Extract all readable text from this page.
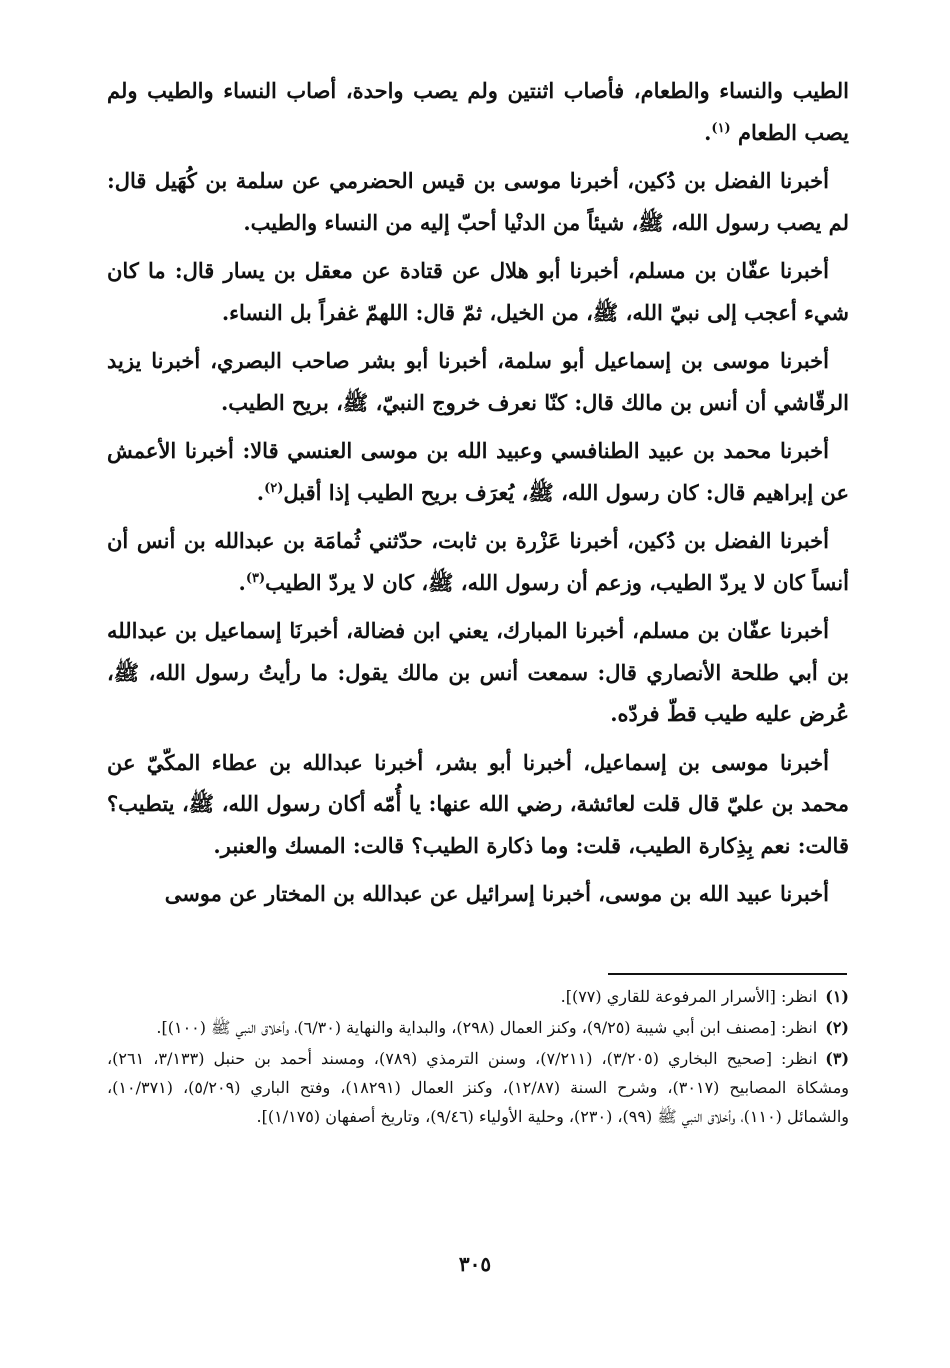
الطيب والنساء والطعام، فأصاب اثنتين ولم يصب واحدة، أصاب النساء والطيب ولم يصب الطعام $^{(١)}$.

أخبرنا الفضل بن دُكين، أخبرنا موسى بن قيس الحضرمي عن سلمة بن كُهَيل قال: لم يصب رسول الله، ﷺ، شيئاً من الدنْيا أحبّ إليه من النساء والطيب.

أخبرنا عفّان بن مسلم، أخبرنا أبو هلال عن قتادة عن معقل بن يسار قال: ما كان شيء أعجب إلى نبيّ الله، ﷺ، من الخيل، ثمّ قال: اللهمّ غفراً بل النساء.

أخبرنا موسى بن إسماعيل أبو سلمة، أخبرنا أبو بشر صاحب البصري، أخبرنا يزيد الرقّاشي أن أنس بن مالك قال: كنّا نعرف خروج النبيّ، ﷺ، بريح الطيب.

أخبرنا محمد بن عبيد الطنافسي وعبيد الله بن موسى العنسي قالا: أخبرنا الأعمش عن إبراهيم قال: كان رسول الله، ﷺ، يُعرَف بريح الطيب إذا أقبل$^{(٢)}$.

أخبرنا الفضل بن دُكين، أخبرنا عَزْرة بن ثابت، حدّثني ثُمامَة بن عبدالله بن أنس أن أنساً كان لا يردّ الطيب، وزعم أن رسول الله، ﷺ، كان لا يردّ الطيب$^{(٣)}$.

أخبرنا عفّان بن مسلم، أخبرنا المبارك، يعني ابن فضالة، أخبرنَا إسماعيل بن عبدالله بن أبي طلحة الأنصاري قال: سمعت أنس بن مالك يقول: ما رأيتُ رسول الله، ﷺ، عُرض عليه طيب قطّ فردّه.

أخبرنا موسى بن إسماعيل، أخبرنا أبو بشر، أخبرنا عبدالله بن عطاء المكّيّ عن محمد بن عليّ قال قلت لعائشة، رضي الله عنها: يا أُمّه أكان رسول الله، ﷺ، يتطيب؟ قالت: نعم بِذِكارة الطيب، قلت: وما ذكارة الطيب؟ قالت: المسك والعنبر.

أخبرنا عبيد الله بن موسى، أخبرنا إسرائيل عن عبدالله بن المختار عن موسى

(١)انظر: [الأسرار المرفوعة للقاري (٧٧)].

(٢)انظر: [مصنف ابن أبي شيبة (٩/٢٥)، وكنز العمال (٢٩٨)، والبداية والنهاية (٦/٣٠)، وأخلاق النبي ﷺ (١٠٠)].

(٣)انظر: [صحيح البخاري (٣/٢٠٥)، (٧/٢١١)، وسنن الترمذي (٧٨٩)، ومسند أحمد بن حنبل (٣/١٣٣، ٢٦١)، ومشكاة المصابيح (٣٠١٧)، وشرح السنة (١٢/٨٧)، وكنز العمال (١٨٢٩١)، وفتح الباري (٥/٢٠٩)، (١٠/٣٧١)، والشمائل (١١٠)، وأخلاق النبي ﷺ (٩٩)، (٢٣٠)، وحلية الأولياء (٩/٤٦)، وتاريخ أصفهان (١/١٧٥)].

٣٠٥
